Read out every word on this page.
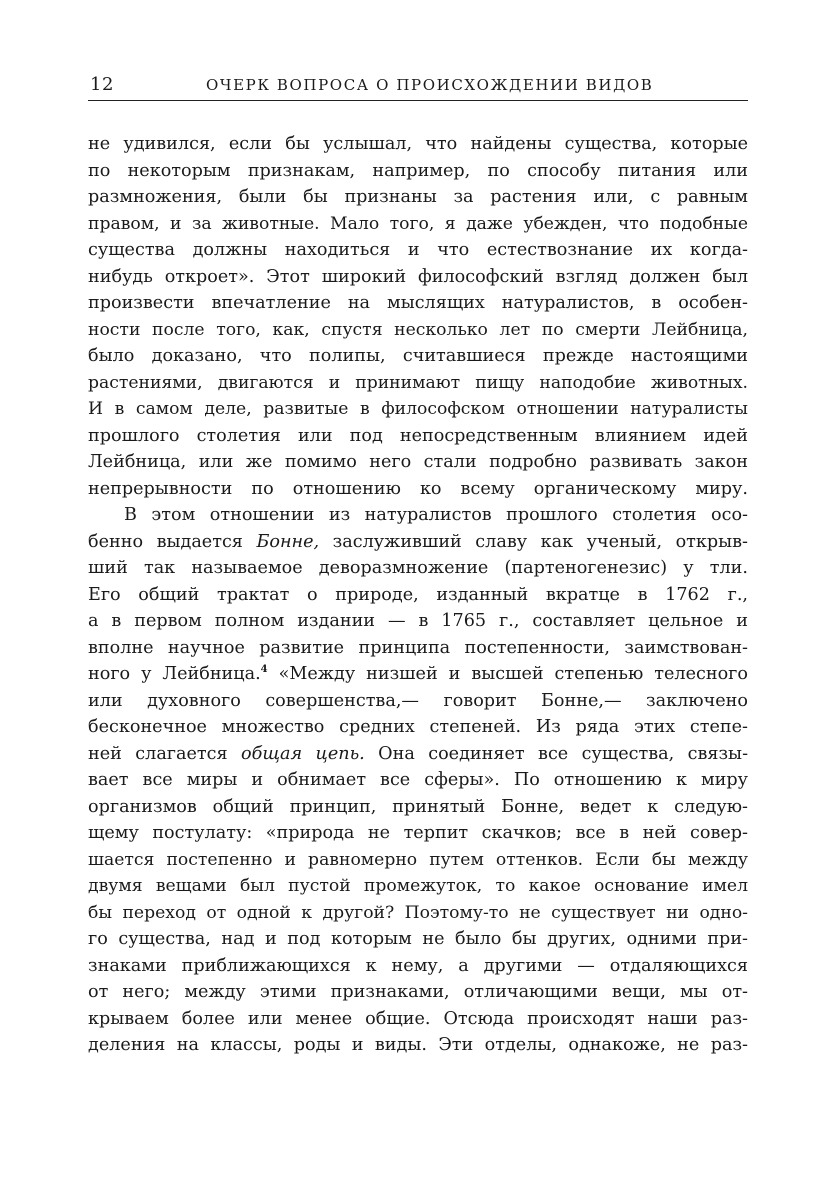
12	ОЧЕРК ВОПРОСА О ПРОИСХОЖДЕНИИ ВИДОВ
не удивился, если бы услышал, что найдены существа, которые
по некоторым признакам, например, по способу питания или
размножения, были бы признаны за растения или, с равным
правом, и за животные. Мало того, я даже убежден, что подобные
существа должны находиться и что естествознание их когда-
нибудь откроет». Этот широкий философский взгляд должен был
произвести впечатление на мыслящих натуралистов, в особен-
ности после того, как, спустя несколько лет по смерти Лейбница,
было доказано, что полипы, считавшиеся прежде настоящими
растениями, двигаются и принимают пищу наподобие животных.
И в самом деле, развитые в философском отношении натуралисты
прошлого столетия или под непосредственным влиянием идей
Лейбница, или же помимо него стали подробно развивать закон
непрерывности по отношению ко всему органическому миру.
В этом отношении из натуралистов прошлого столетия осо-
бенно выдается Бонне, заслуживший славу как ученый, открыв-
ший так называемое деворазмножение (партеногенезис) у тли.
Его общий трактат о природе, изданный вкратце в 1762 г.,
а в первом полном издании — в 1765 г., составляет цельное и
вполне научное развитие принципа постепенности, заимствован-
ного у Лейбница.$^4$ «Между низшей и высшей степенью телесного
или духовного совершенства,— говорит Бонне,— заключено
бесконечное множество средних степеней. Из ряда этих степе-
ней слагается общая цепь. Она соединяет все существа, связы-
вает все миры и обнимает все сферы». По отношению к миру
организмов общий принцип, принятый Бонне, ведет к следую-
щему постулату: «природа не терпит скачков; все в ней совер-
шается постепенно и равномерно путем оттенков. Если бы между
двумя вещами был пустой промежуток, то какое основание имел
бы переход от одной к другой? Поэтому-то не существует ни одно-
го существа, над и под которым не было бы других, одними при-
знаками приближающихся к нему, а другими — отдаляющихся
от него; между этими признаками, отличающими вещи, мы от-
крываем более или менее общие. Отсюда происходят наши раз-
деления на классы, роды и виды. Эти отделы, однакоже, не раз-
